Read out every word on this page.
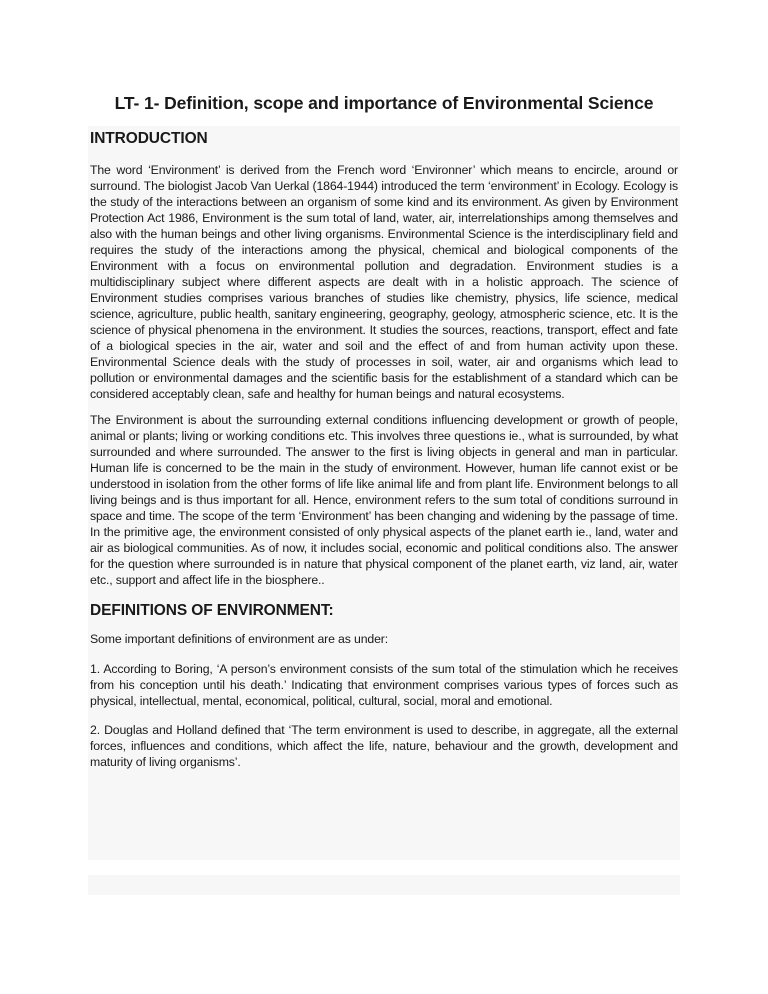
LT- 1- Definition, scope and importance of Environmental Science
INTRODUCTION

The word ‘Environment’ is derived from the French word ‘Environner’ which means to encircle, around or surround. The biologist Jacob Van Uerkal (1864-1944) introduced the term ‘environment’ in Ecology. Ecology is the study of the interactions between an organism of some kind and its environment. As given by Environment Protection Act 1986, Environment is the sum total of land, water, air, interrelationships among themselves and also with the human beings and other living organisms. Environmental Science is the interdisciplinary field and requires the study of the interactions among the physical, chemical and biological components of the Environment with a focus on environmental pollution and degradation. Environment studies is a multidisciplinary subject where different aspects are dealt with in a holistic approach. The science of Environment studies comprises various branches of studies like chemistry, physics, life science, medical science, agriculture, public health, sanitary engineering, geography, geology, atmospheric science, etc. It is the science of physical phenomena in the environment. It studies the sources, reactions, transport, effect and fate of a biological species in the air, water and soil and the effect of and from human activity upon these. Environmental Science deals with the study of processes in soil, water, air and organisms which lead to pollution or environmental damages and the scientific basis for the establishment of a standard which can be considered acceptably clean, safe and healthy for human beings and natural ecosystems.

The Environment is about the surrounding external conditions influencing development or growth of people, animal or plants; living or working conditions etc. This involves three questions ie., what is surrounded, by what surrounded and where surrounded. The answer to the first is living objects in general and man in particular. Human life is concerned to be the main in the study of environment. However, human life cannot exist or be understood in isolation from the other forms of life like animal life and from plant life. Environment belongs to all living beings and is thus important for all. Hence, environment refers to the sum total of conditions surround in space and time. The scope of the term ‘Environment’ has been changing and widening by the passage of time. In the primitive age, the environment consisted of only physical aspects of the planet earth ie., land, water and air as biological communities. As of now, it includes social, economic and political conditions also. The answer for the question where surrounded is in nature that physical component of the planet earth, viz land, air, water etc., support and affect life in the biosphere..

DEFINITIONS OF ENVIRONMENT:

Some important definitions of environment are as under:

1. According to Boring, ‘A person’s environment consists of the sum total of the stimulation which he receives from his conception until his death.’ Indicating that environment comprises various types of forces such as physical, intellectual, mental, economical, political, cultural, social, moral and emotional.

2. Douglas and Holland defined that ‘The term environment is used to describe, in aggregate, all the external forces, influences and conditions, which affect the life, nature, behaviour and the growth, development and maturity of living organisms’.
